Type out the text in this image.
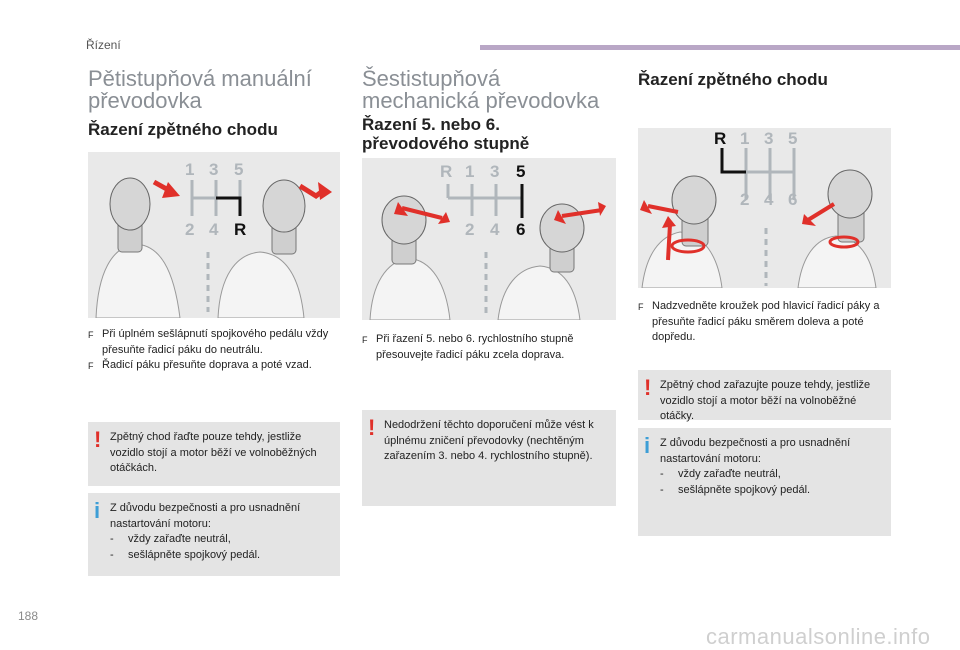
Řízení
Pětistupňová manuální
převodovka
Řazení zpětného chodu
1 3 5
2 4 R
F Při úplném sešlápnutí spojkového pedálu vždy přesuňte řadicí páku do neutrálu.
F Řadicí páku přesuňte doprava a poté vzad.
! Zpětný chod řaďte pouze tehdy, jestliže vozidlo stojí a motor běží ve volnoběžných otáčkách.
i Z důvodu bezpečnosti a pro usnadnění nastartování motoru:
-	vždy zařaďte neutrál,
-	sešlápněte spojkový pedál.
Šestistupňová
mechanická převodovka
Řazení 5. nebo 6.
převodového stupně
R 1 3 5
2 4 6
F Při řazení 5. nebo 6. rychlostního stupně přesouvejte řadicí páku zcela doprava.
! Nedodržení těchto doporučení může vést k úplnému zničení převodovky (nechtěným zařazením 3. nebo 4. rychlostního stupně).
Řazení zpětného chodu
R 1 3 5
2 4 6
F Nadzvedněte kroužek pod hlavicí řadicí páky a přesuňte řadicí páku směrem doleva a poté dopředu.
! Zpětný chod zařazujte pouze tehdy, jestliže vozidlo stojí a motor běží na volnoběžné otáčky.
i Z důvodu bezpečnosti a pro usnadnění nastartování motoru:
-	vždy zařaďte neutrál,
-	sešlápněte spojkový pedál.
188
carmanualsonline.info
